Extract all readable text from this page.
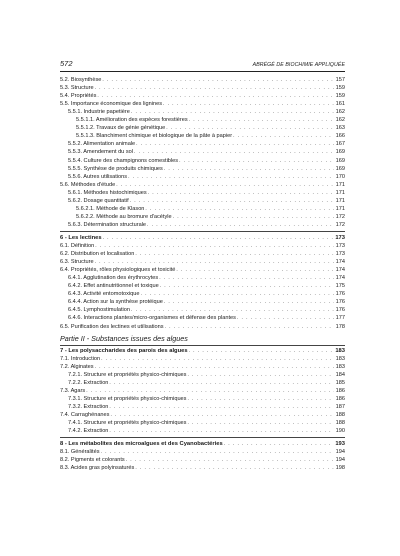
572	ABRÉGÉ DE BIOCHIMIE APPLIQUÉE
5.2. Biosynthèse . . .	157
5.3. Structure . . .	159
5.4. Propriétés . . .	159
5.5. Importance économique des lignines . . .	161
5.5.1. Industrie papetière . . .	162
5.5.1.1. Amélioration des espèces forestières . . .	162
5.5.1.2. Travaux de génie génétique . . .	163
5.5.1.3. Blanchiment chimique et biologique de la pâte à papier . . .	166
5.5.2. Alimentation animale . . .	167
5.5.3. Amendement du sol . . .	169
5.5.4. Culture des champignons comestibles . . .	169
5.5.5. Synthèse de produits chimiques . . .	169
5.5.6. Autres utilisations . . .	170
5.6. Méthodes d'étude . . .	171
5.6.1. Méthodes histochimiques . . .	171
5.6.2. Dosage quantitatif . . .	171
5.6.2.1. Méthode de Klason . . .	171
5.6.2.2. Méthode au bromure d'acétyle . . .	172
5.6.3. Détermination structurale . . .	172
6 - Les lectines . . .	173
6.1. Définition . . .	173
6.2. Distribution et localisation . . .	173
6.3. Structure . . .	174
6.4. Propriétés, rôles physiologiques et toxicité . . .	174
6.4.1. Agglutination des érythrocytes . . .	174
6.4.2. Effet antinutritionnel et toxique . . .	175
6.4.3. Activité entomotoxique . . .	176
6.4.4. Action sur la synthèse protéique . . .	176
6.4.5. Lymphostimulation . . .	176
6.4.6. Interactions plantes/micro-organismes et défense des plantes . . .	177
6.5. Purification des lectines et utilisations . . .	178
Partie II - Substances issues des algues
7 - Les polysaccharides des parois des algues . . .	183
7.1. Introduction . . .	183
7.2. Alginates . . .	183
7.2.1. Structure et propriétés physico-chimiques . . .	184
7.2.2. Extraction . . .	185
7.3. Agars . . .	186
7.3.1. Structure et propriétés physico-chimiques . . .	186
7.3.2. Extraction . . .	187
7.4. Carraghénanes . . .	188
7.4.1. Structure et propriétés physico-chimiques . . .	188
7.4.2. Extraction . . .	190
8 - Les métabolites des microalgues et des Cyanobactéries . . .	193
8.1. Généralités . . .	194
8.2. Pigments et colorants . . .	194
8.3. Acides gras polyinsaturés . . .	198
